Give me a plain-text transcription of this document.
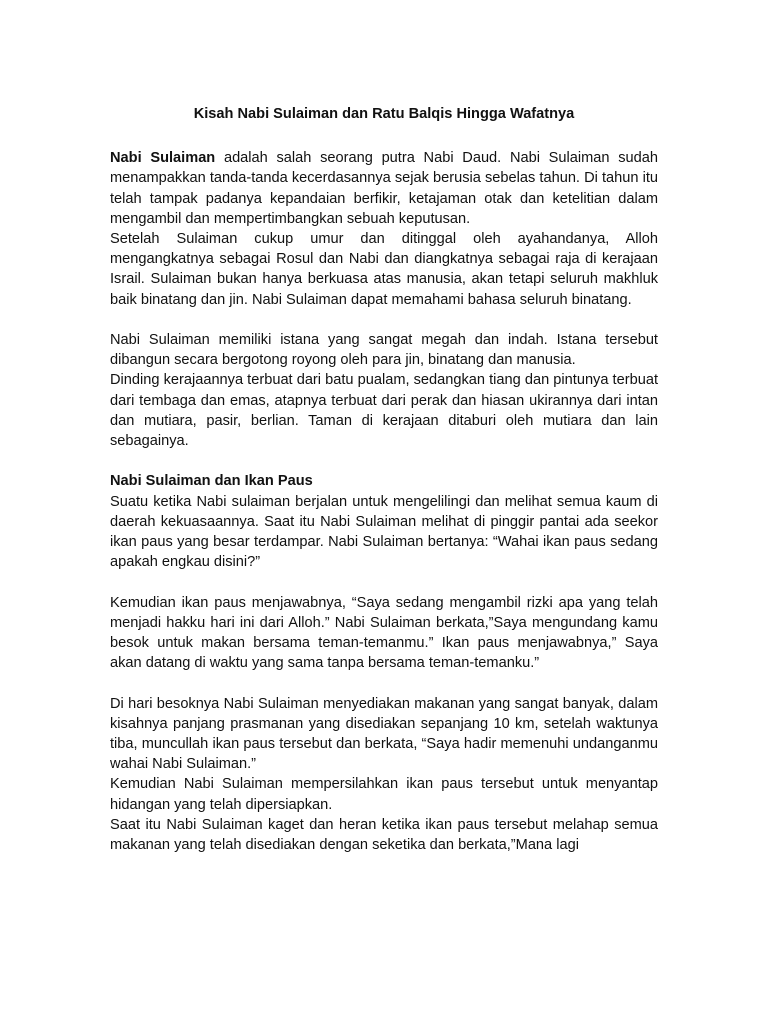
Kisah Nabi Sulaiman dan Ratu Balqis Hingga Wafatnya

Nabi Sulaiman adalah salah seorang putra Nabi Daud. Nabi Sulaiman sudah menampakkan tanda-tanda kecerdasannya sejak berusia sebelas tahun. Di tahun itu telah tampak padanya kepandaian berfikir, ketajaman otak dan ketelitian dalam mengambil dan mempertimbangkan sebuah keputusan.

Setelah Sulaiman cukup umur dan ditinggal oleh ayahandanya, Alloh mengangkatnya sebagai Rosul dan Nabi dan diangkatnya sebagai raja di kerajaan Israil. Sulaiman bukan hanya berkuasa atas manusia, akan tetapi seluruh makhluk baik binatang dan jin. Nabi Sulaiman dapat memahami bahasa seluruh binatang.

Nabi Sulaiman memiliki istana yang sangat megah dan indah. Istana tersebut dibangun secara bergotong royong oleh para jin, binatang dan manusia.

Dinding kerajaannya terbuat dari batu pualam, sedangkan tiang dan pintunya terbuat dari tembaga dan emas, atapnya terbuat dari perak dan hiasan ukirannya dari intan dan mutiara, pasir, berlian. Taman di kerajaan ditaburi oleh mutiara dan lain sebagainya.

Nabi Sulaiman dan Ikan Paus

Suatu ketika Nabi sulaiman berjalan untuk mengelilingi dan melihat semua kaum di daerah kekuasaannya. Saat itu Nabi Sulaiman melihat di pinggir pantai ada seekor ikan paus yang besar terdampar. Nabi Sulaiman bertanya: “Wahai ikan paus sedang apakah engkau disini?”

Kemudian ikan paus menjawabnya, “Saya sedang mengambil rizki apa yang telah menjadi hakku hari ini dari Alloh.” Nabi Sulaiman berkata,”Saya mengundang kamu besok untuk makan bersama teman-temanmu.” Ikan paus menjawabnya,” Saya akan datang di waktu yang sama tanpa bersama teman-temanku.”

Di hari besoknya Nabi Sulaiman menyediakan makanan yang sangat banyak, dalam kisahnya panjang prasmanan yang disediakan sepanjang 10 km, setelah waktunya tiba, muncullah ikan paus tersebut dan berkata, “Saya hadir memenuhi undanganmu wahai Nabi Sulaiman.”

Kemudian Nabi Sulaiman mempersilahkan ikan paus tersebut untuk menyantap hidangan yang telah dipersiapkan.

Saat itu Nabi Sulaiman kaget dan heran ketika ikan paus tersebut melahap semua makanan yang telah disediakan dengan seketika dan berkata,”Mana lagi
